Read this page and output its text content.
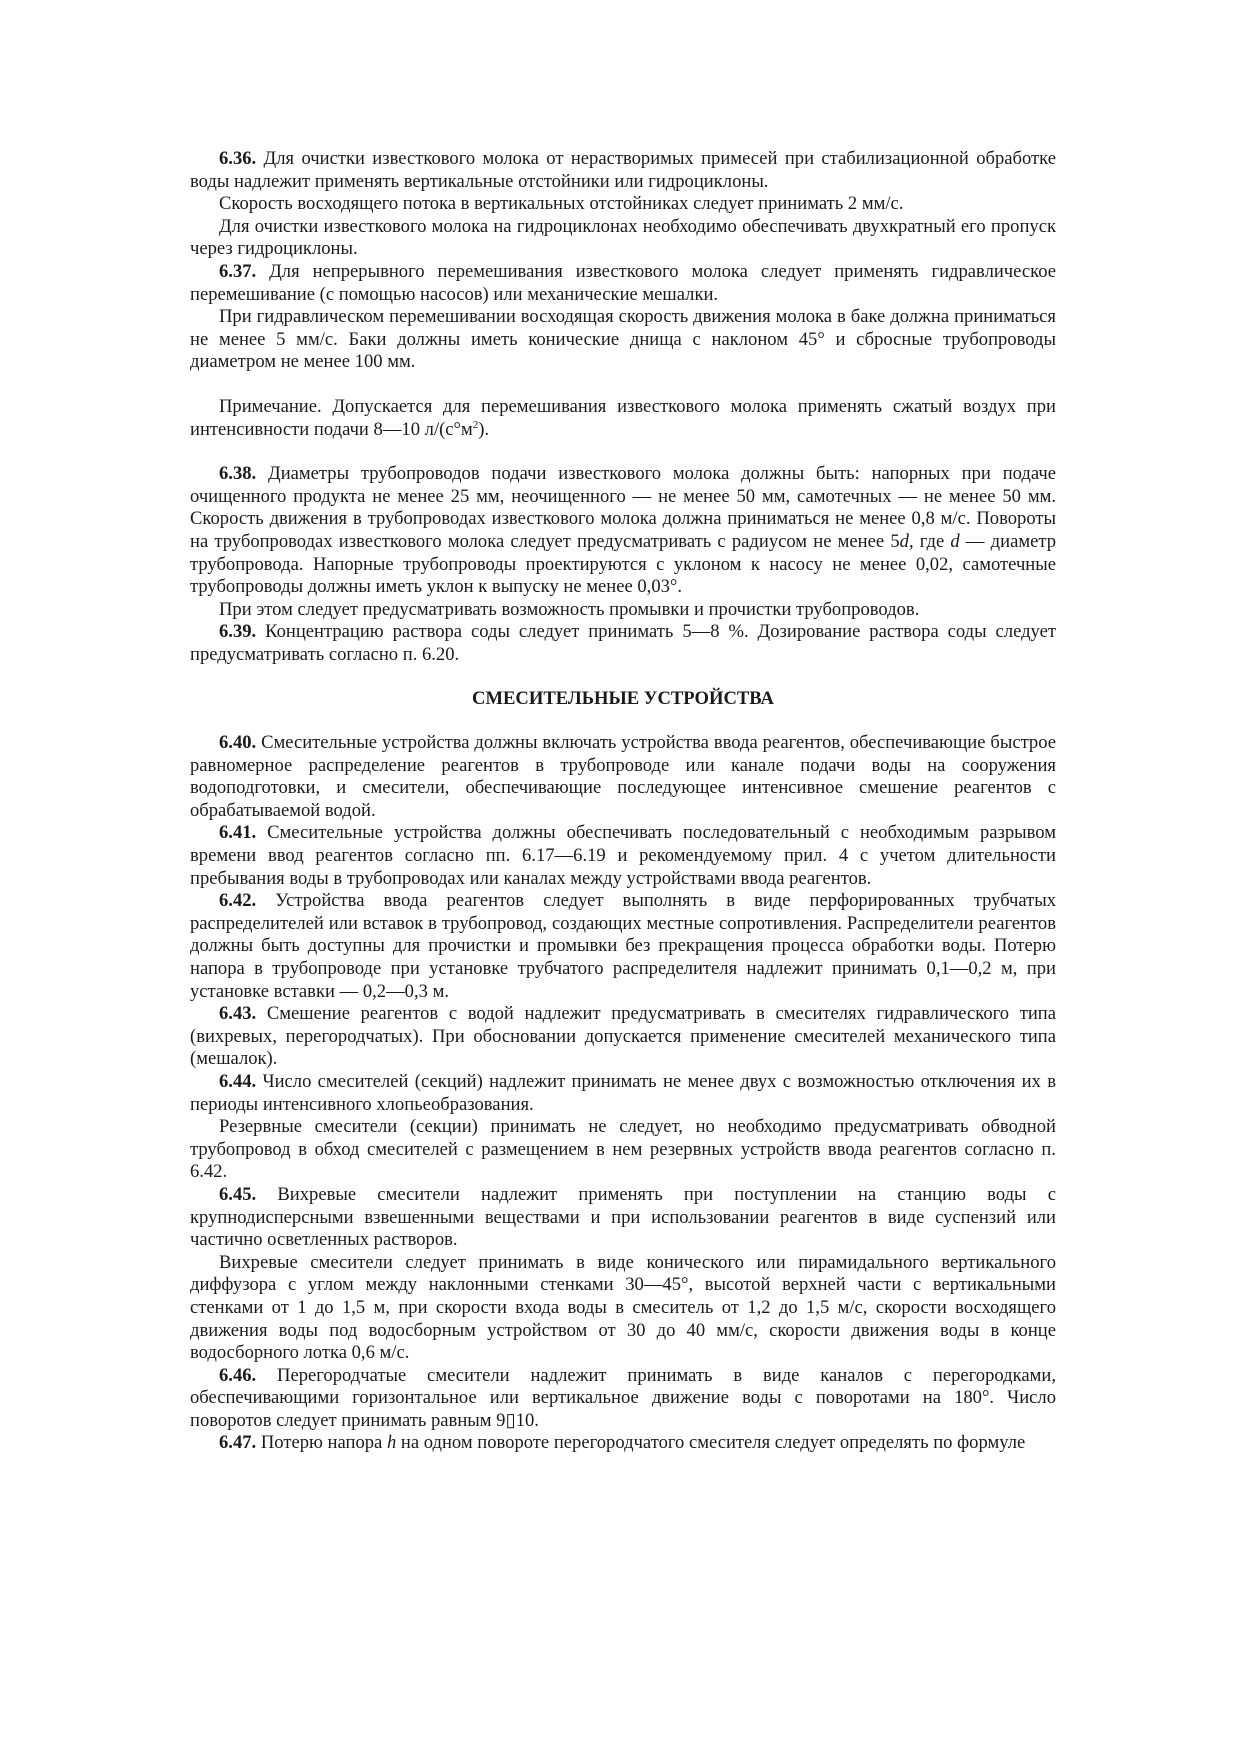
6.36. Для очистки известкового молока от нерастворимых примесей при стабилизационной обработке воды надлежит применять вертикальные отстойники или гидроциклоны.

Скорость восходящего потока в вертикальных отстойниках следует принимать 2 мм/с.

Для очистки известкового молока на гидроциклонах необходимо обеспечивать двухкратный его пропуск через гидроциклоны.

6.37. Для непрерывного перемешивания известкового молока следует применять гидравлическое перемешивание (с помощью насосов) или механические мешалки.

При гидравлическом перемешивании восходящая скорость движения молока в баке должна приниматься не менее 5 мм/с. Баки должны иметь конические днища с наклоном 45° и сбросные трубопроводы диаметром не менее 100 мм.

Примечание. Допускается для перемешивания известкового молока применять сжатый воздух при интенсивности подачи 8—10 $л/(с^\circ м^2)$.

6.38. Диаметры трубопроводов подачи известкового молока должны быть: напорных при подаче очищенного продукта не менее 25 мм, неочищенного — не менее 50 мм, самотечных — не менее 50 мм. Скорость движения в трубопроводах известкового молока должна приниматься не менее 0,8 м/с. Повороты на трубопроводах известкового молока следует предусматривать с радиусом не менее 5d, где d — диаметр трубопровода. Напорные трубопроводы проектируются с уклоном к насосу не менее 0,02, самотечные трубопроводы должны иметь уклон к выпуску не менее 0,03°.

При этом следует предусматривать возможность промывки и прочистки трубопроводов.

6.39. Концентрацию раствора соды следует принимать 5—8 %. Дозирование раствора соды следует предусматривать согласно п. 6.20.

СМЕСИТЕЛЬНЫЕ УСТРОЙСТВА

6.40. Смесительные устройства должны включать устройства ввода реагентов, обеспечивающие быстрое равномерное распределение реагентов в трубопроводе или канале подачи воды на сооружения водоподготовки, и смесители, обеспечивающие последующее интенсивное смешение реагентов с обрабатываемой водой.

6.41. Смесительные устройства должны обеспечивать последовательный с необходимым разрывом времени ввод реагентов согласно пп. 6.17—6.19 и рекомендуемому прил. 4 с учетом длительности пребывания воды в трубопроводах или каналах между устройствами ввода реагентов.

6.42. Устройства ввода реагентов следует выполнять в виде перфорированных трубчатых распределителей или вставок в трубопровод, создающих местные сопротивления. Распределители реагентов должны быть доступны для прочистки и промывки без прекращения процесса обработки воды. Потерю напора в трубопроводе при установке трубчатого распределителя надлежит принимать 0,1—0,2 м, при установке вставки — 0,2—0,3 м.

6.43. Смешение реагентов с водой надлежит предусматривать в смесителях гидравлического типа (вихревых, перегородчатых). При обосновании допускается применение смесителей механического типа (мешалок).

6.44. Число смесителей (секций) надлежит принимать не менее двух с возможностью отключения их в периоды интенсивного хлопьеобразования.

Резервные смесители (секции) принимать не следует, но необходимо предусматривать обводной трубопровод в обход смесителей с размещением в нем резервных устройств ввода реагентов согласно п. 6.42.

6.45. Вихревые смесители надлежит применять при поступлении на станцию воды с крупнодисперсными взвешенными веществами и при использовании реагентов в виде суспензий или частично осветленных растворов.

Вихревые смесители следует принимать в виде конического или пирамидального вертикального диффузора с углом между наклонными стенками 30—45°, высотой верхней части с вертикальными стенками от 1 до 1,5 м, при скорости входа воды в смеситель от 1,2 до 1,5 м/с, скорости восходящего движения воды под водосборным устройством от 30 до 40 мм/с, скорости движения воды в конце водосборного лотка 0,6 м/с.

6.46. Перегородчатые смесители надлежит принимать в виде каналов с перегородками, обеспечивающими горизонтальное или вертикальное движение воды с поворотами на 180°. Число поворотов следует принимать равным 9▯10.

6.47. Потерю напора h на одном повороте перегородчатого смесителя следует определять по формуле
